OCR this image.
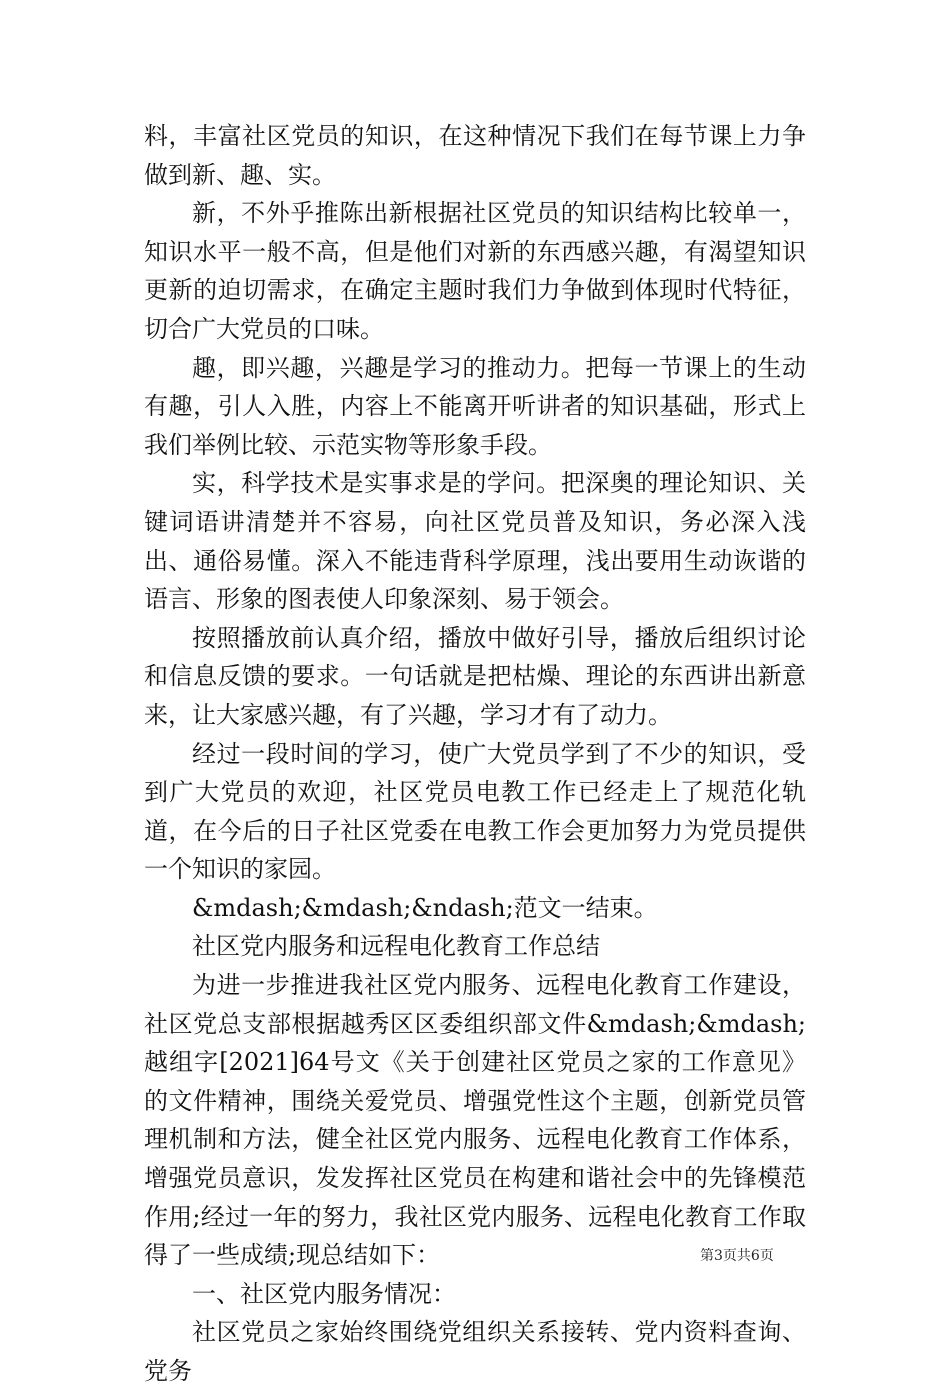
料，丰富社区党员的知识，在这种情况下我们在每节课上力争做到新、趣、实。

新，不外乎推陈出新根据社区党员的知识结构比较单一，知识水平一般不高，但是他们对新的东西感兴趣，有渴望知识更新的迫切需求，在确定主题时我们力争做到体现时代特征，切合广大党员的口味。

趣，即兴趣，兴趣是学习的推动力。把每一节课上的生动有趣，引人入胜，内容上不能离开听讲者的知识基础，形式上我们举例比较、示范实物等形象手段。

实，科学技术是实事求是的学问。把深奥的理论知识、关键词语讲清楚并不容易，向社区党员普及知识，务必深入浅出、通俗易懂。深入不能违背科学原理，浅出要用生动诙谐的语言、形象的图表使人印象深刻、易于领会。

按照播放前认真介绍，播放中做好引导，播放后组织讨论和信息反馈的要求。一句话就是把枯燥、理论的东西讲出新意来，让大家感兴趣，有了兴趣，学习才有了动力。

经过一段时间的学习，使广大党员学到了不少的知识，受到广大党员的欢迎，社区党员电教工作已经走上了规范化轨道，在今后的日子社区党委在电教工作会更加努力为党员提供一个知识的家园。

&mdash;&mdash;&ndash;范文一结束。

社区党内服务和远程电化教育工作总结

为进一步推进我社区党内服务、远程电化教育工作建设，社区党总支部根据越秀区区委组织部文件&mdash;&mdash;越组字[2021]64号文《关于创建社区党员之家的工作意见》的文件精神，围绕关爱党员、增强党性这个主题，创新党员管理机制和方法，健全社区党内服务、远程电化教育工作体系，增强党员意识，发发挥社区党员在构建和谐社会中的先锋模范作用;经过一年的努力，我社区党内服务、远程电化教育工作取得了一些成绩;现总结如下：

一、社区党内服务情况：

社区党员之家始终围绕党组织关系接转、党内资料查询、党务

第3页共6页
